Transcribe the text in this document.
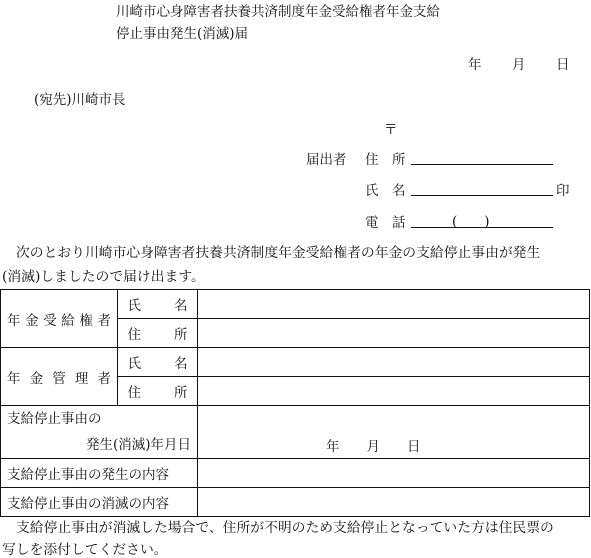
川崎市心身障害者扶養共済制度年金受給権者年金支給
停止事由発生(消滅)届
年 月 日
(宛先)川崎市長
〒
届出者 住　所
氏　名	印
電　話	(　　)
次のとおり川崎市心身障害者扶養共済制度年金受給権者の年金の支給停止事由が発生
(消滅)しましたので届け出ます。
年金受給権者	氏名	
	住所	

年金管理者	氏名	
	住所	

支給停止事由の
発生(消滅)年月日		年　　月　　日
支給停止事由の発生の内容		
支給停止事由の消滅の内容		
支給停止事由が消滅した場合で、住所が不明のため支給停止となっていた方は住民票の
写しを添付してください。
